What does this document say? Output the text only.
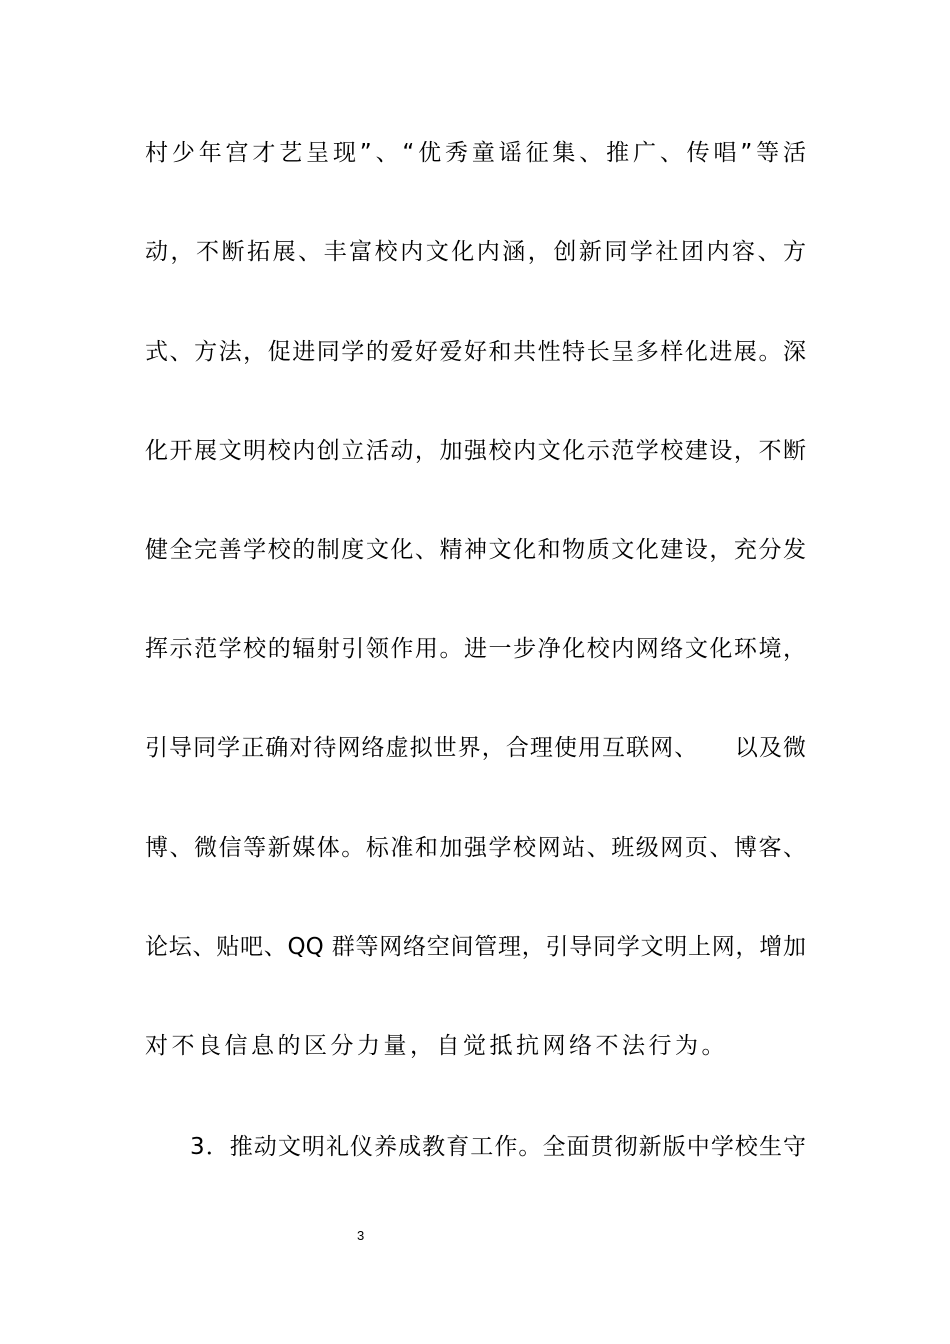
村少年宫才艺呈现”、“优秀童谣征集、推广、传唱”等活
动，不断拓展、丰富校内文化内涵，创新同学社团内容、方
式、方法，促进同学的爱好爱好和共性特长呈多样化进展。深
化开展文明校内创立活动，加强校内文化示范学校建设，不断
健全完善学校的制度文化、精神文化和物质文化建设，充分发
挥示范学校的辐射引领作用。进一步净化校内网络文化环境，
引导同学正确对待网络虚拟世界，合理使用互联网、　　以及微
博、微信等新媒体。标准和加强学校网站、班级网页、博客、
论坛、贴吧、QQ 群等网络空间管理，引导同学文明上网，增加
对不良信息的区分力量，自觉抵抗网络不法行为。
3．推动文明礼仪养成教育工作。全面贯彻新版中学校生守
3
